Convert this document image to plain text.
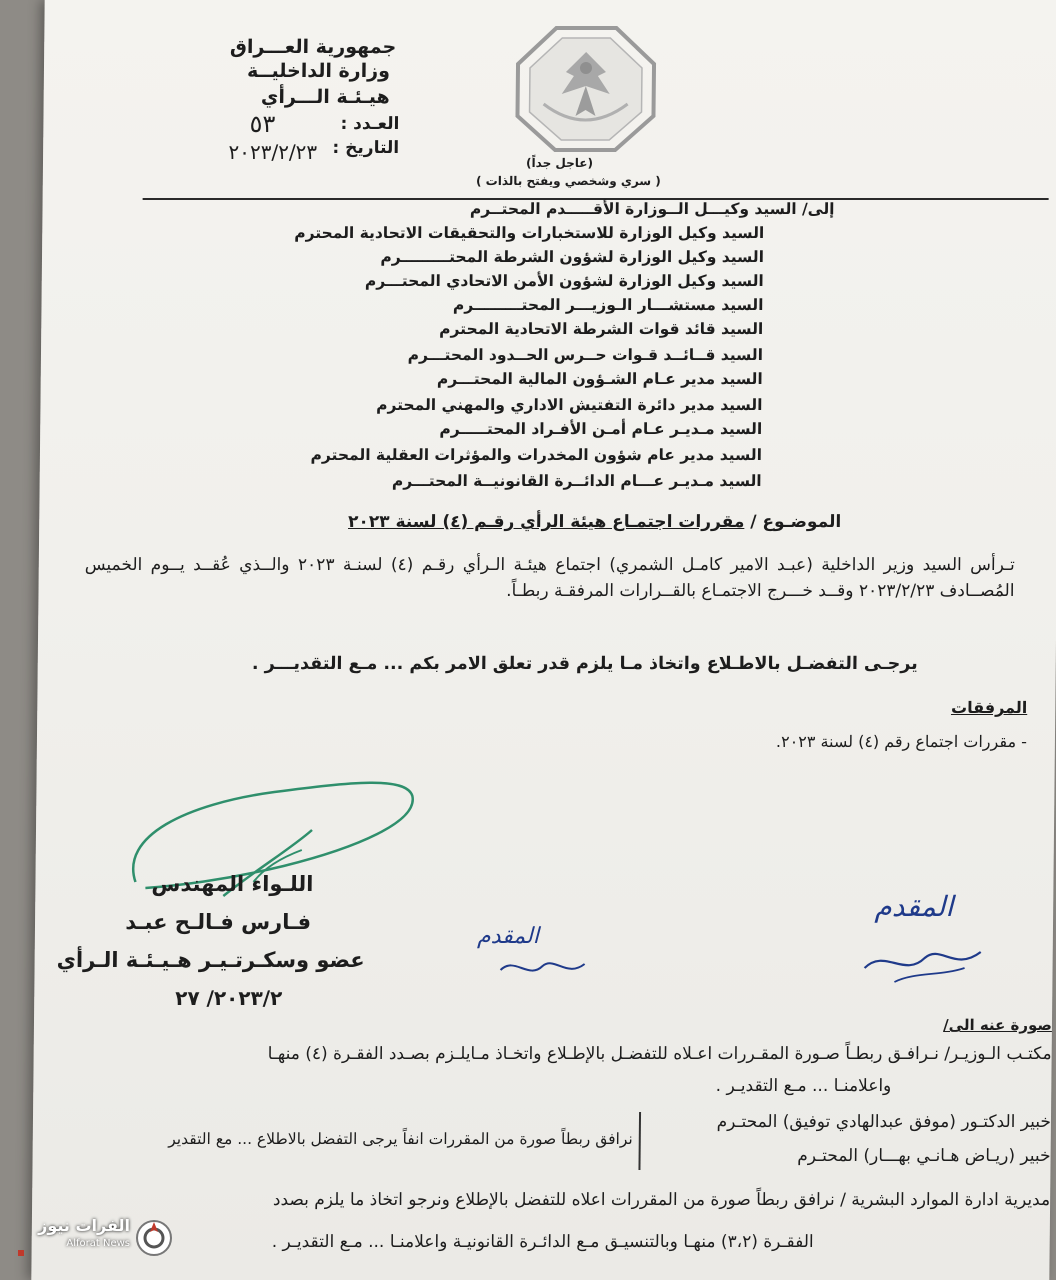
جمهورية العـــراق
وزارة الداخليــة
هيـئـة الـــرأي
العـدد :
٥٣
التاريخ :
٢٠٢٣/٢/٢٣	(عاجل جداً)
( سري وشخصي ويفتح بالذات )
إلى/ السيد وكيـــل الــوزارة الأقـــــدم المحتــرم
السيد وكيل الوزارة للاستخبارات والتحقيقات الاتحادية المحترم
السيد وكيل الوزارة لشؤون الشرطة المحتـــــــــرم
السيد وكيل الوزارة لشؤون الأمن الاتحادي المحتـــرم
السيد مستشـــار الـوزيـــر المحتـــــــــرم
السيد قائد قوات الشرطة الاتحادية المحترم
السيد قــائــد قـوات حــرس الحــدود المحتـــرم
السيد مدير عـام الشـؤون المالية المحتـــرم
السيد مدير دائرة التفتيش الاداري والمهني المحترم
السيد مـديـر عـام أمـن الأفـراد المحتـــــرم
السيد مدير عام شؤون المخدرات والمؤثرات العقلية المحترم
السيد مـديـر عـــام الدائــرة القانونيــة المحتـــرم
الموضـوع / مقررات اجتمـاع هيئة الرأي رقـم (٤) لسنة ٢٠٢٣
تـرأس السيد وزير الداخلية (عبـد الامير كامـل الشمري) اجتماع هيئـة الـرأي رقـم (٤) لسنـة ٢٠٢٣ والــذي عُقــد يــوم الخميس المُصــادف ٢٠٢٣/٢/٢٣ وقــد خـــرج الاجتمـاع بالقــرارات المرفقـة ربطـاً.
يرجـى التفضـل بالاطـلاع واتخاذ مـا يلزم قدر تعلق الامر بكم ... مـع التقديـــر .
المرفقات
- مقررات اجتماع رقم (٤) لسنة ٢٠٢٣.
اللـواء المهندس
فـارس فـالـح عبـد
عضو وسكـرتـيـر هـيـئـة الـرأي
٢٠٢٣/٢/ ٢٧
المقدم
المقدم
صورة عنه الى/
مكتـب الـوزيـر/ نـرافـق ربطـاً صـورة المقـررات اعـلاه للتفضـل بالإطـلاع واتخـاذ مـايلـزم بصـدد الفقـرة (٤) منهـا
واعلامنـا ... مـع التقديـر .
خبير الدكتـور (موفق عبدالهادي توفيق) المحتـرم
خبير (ريـاض هـانـي بهـــار) المحتـرم
نرافق ربطاً صورة من المقررات انفاً يرجى التفضل بالاطلاع ... مع التقدير
مديرية ادارة الموارد البشرية / نرافق ربطاً صورة من المقررات اعلاه للتفضل بالإطلاع ونرجو اتخاذ ما يلزم بصدد
الفقـرة (٣،٢) منهـا وبالتنسيـق مـع الدائـرة القانونيـة واعلامنـا ... مـع التقديـر .
الفرات نيوز
Alforat News
